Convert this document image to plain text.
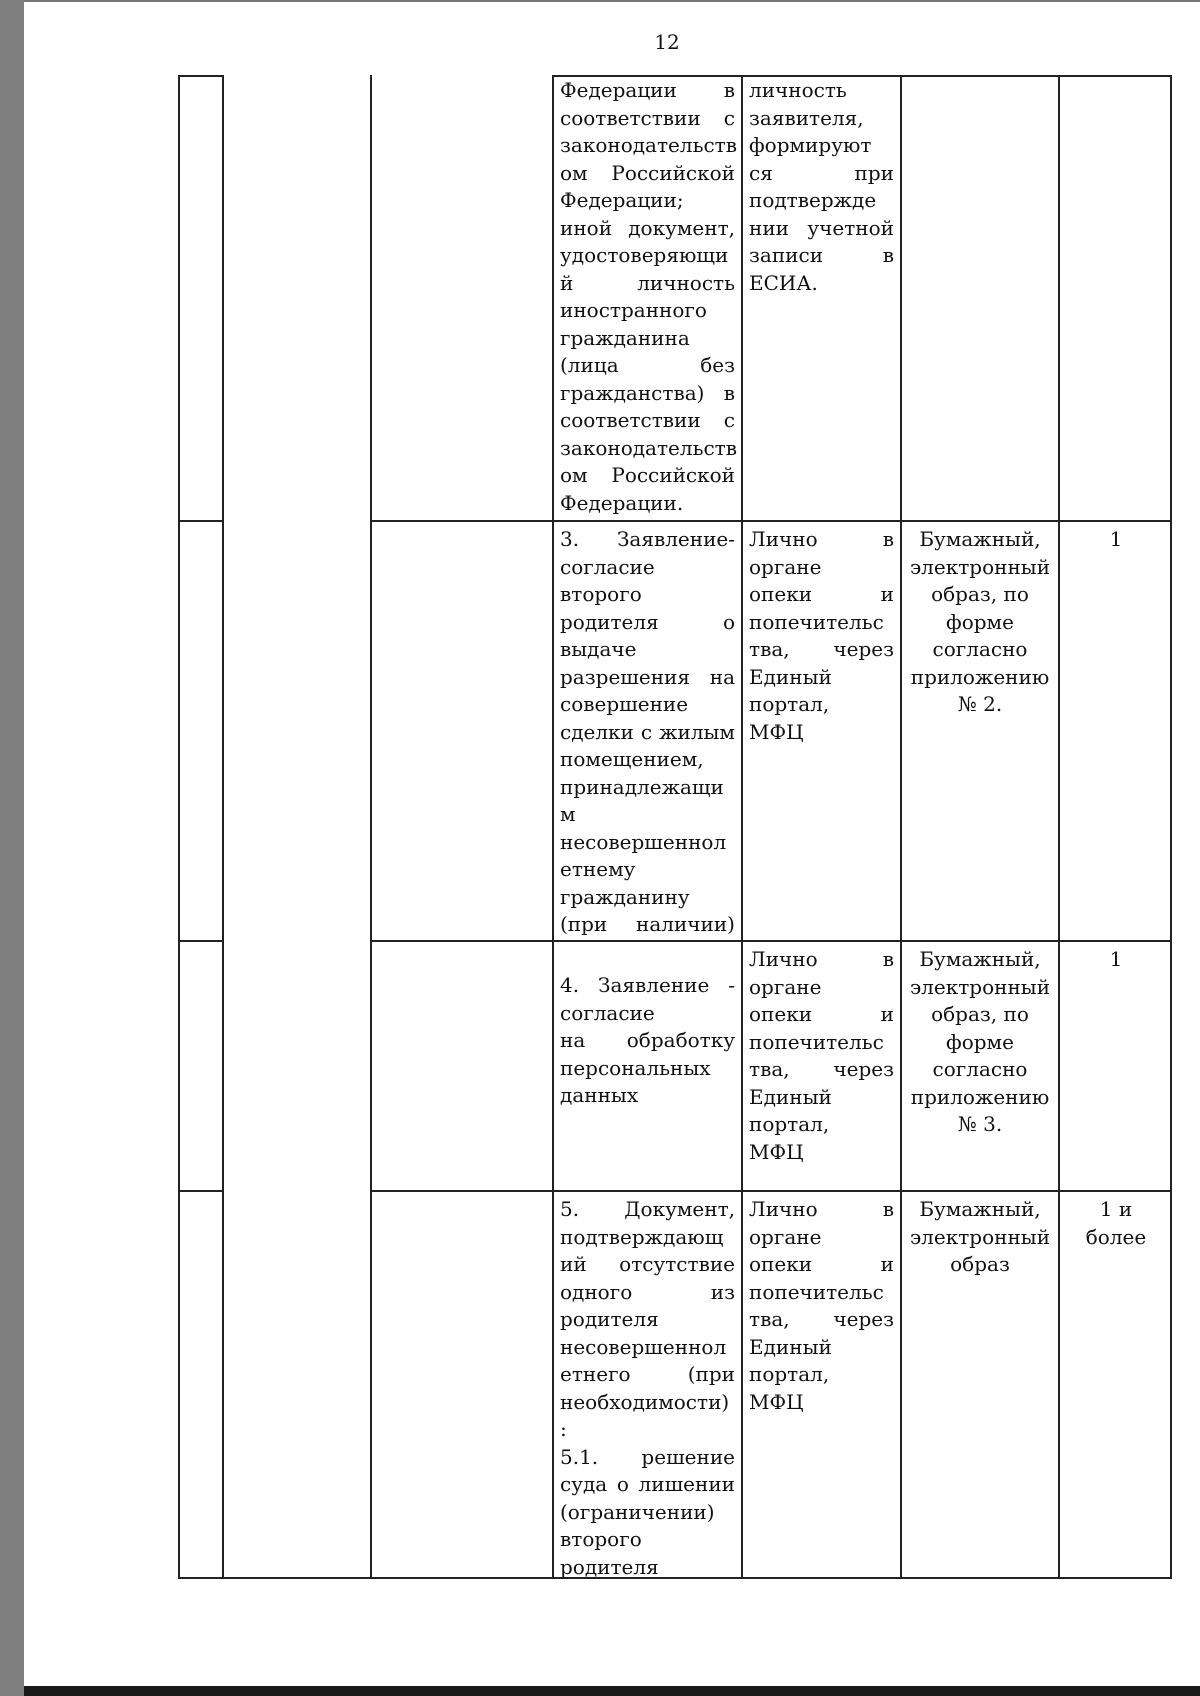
12

Федерации в

соответствии с

законодательств

ом Российской

Федерации;

иной документ,

удостоверяющи

й личность

иностранного

гражданина

(лица без

гражданства) в

соответствии с

законодательств

ом Российской

Федерации.

личность

заявителя,

формируют

ся при

подтвержде

нии учетной

записи в

ЕСИА.

3. Заявление-

согласие

второго

родителя о

выдаче

разрешения на

совершение

сделки с жилым

помещением,

принадлежащи

м

несовершеннол

етнему

гражданину

(при наличии)

Лично в

органе

опеки и

попечительс

тва, через

Единый

портал,

МФЦ

Бумажный,

электронный

образ, по

форме

согласно

приложению

№ 2.

1

4. Заявление -

согласие

на обработку

персональных

данных

Лично в

органе

опеки и

попечительс

тва, через

Единый

портал,

МФЦ

Бумажный,

электронный

образ, по

форме

согласно

приложению

№ 3.

1

5. Документ,

подтверждающ

ий отсутствие

одного из

родителя

несовершеннол

етнего (при

необходимости)

:

5.1. решение

суда о лишении

(ограничении)

второго

родителя

Лично в

органе

опеки и

попечительс

тва, через

Единый

портал,

МФЦ

Бумажный,

электронный

образ

1 и

более
